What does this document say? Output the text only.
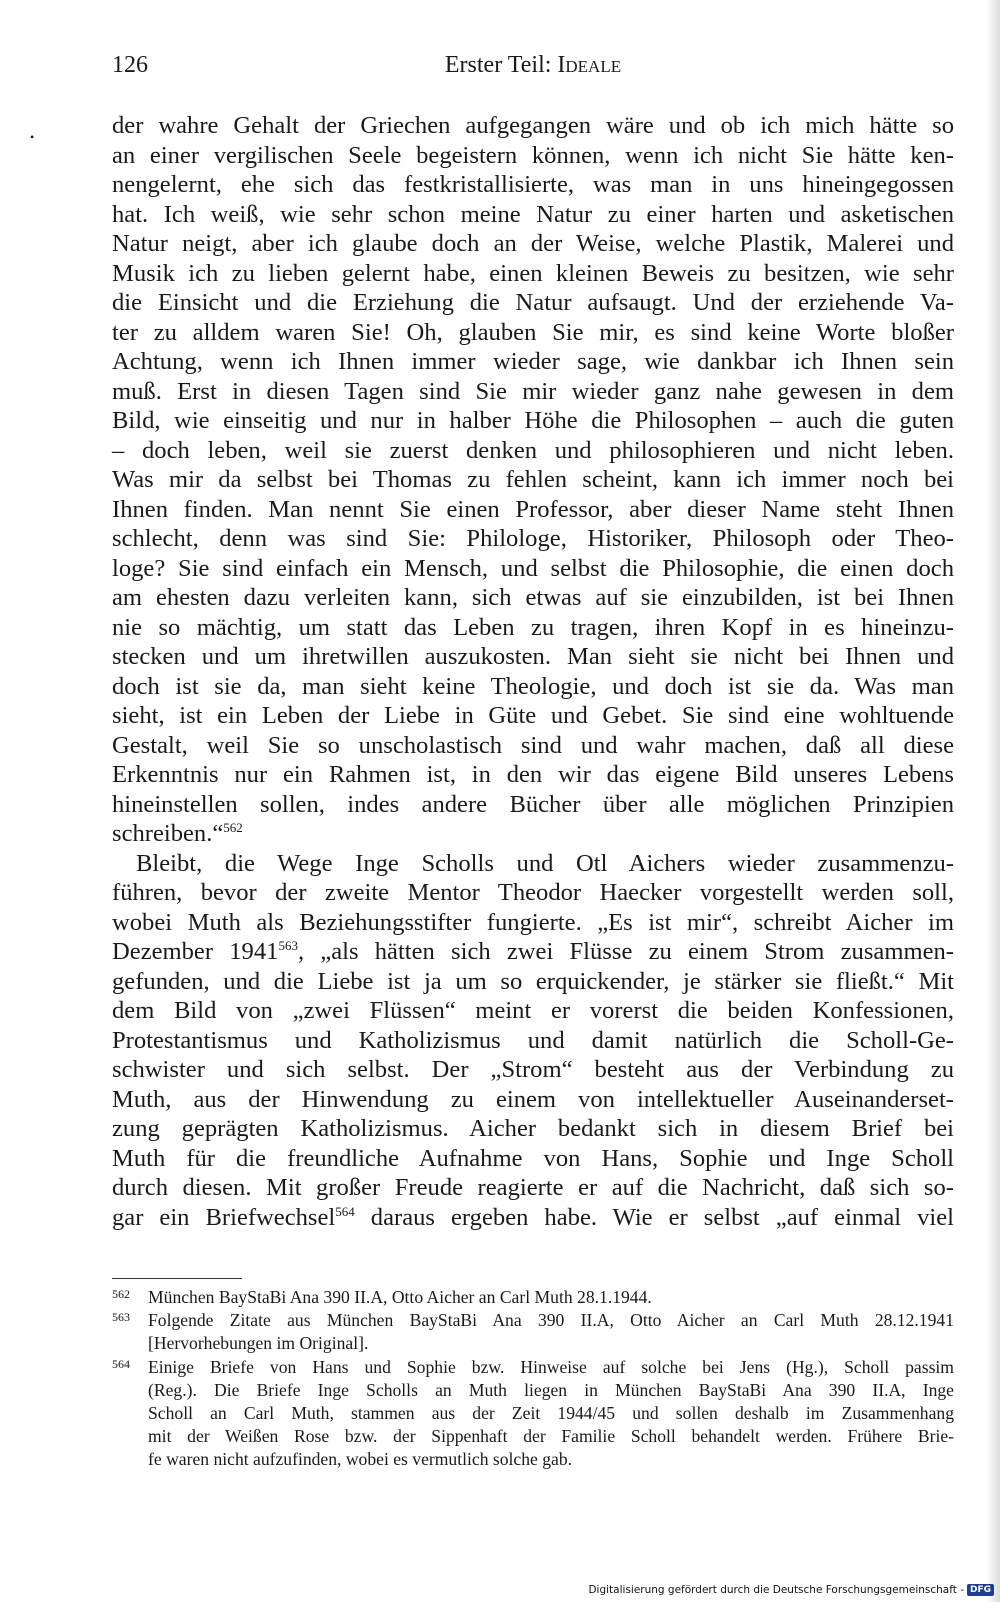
126	Erster Teil: Ideale
•	der wahre Gehalt der Griechen aufgegangen wäre und ob ich mich hätte so
an einer vergilischen Seele begeistern können, wenn ich nicht Sie hätte ken-
nengelernt, ehe sich das festkristallisierte, was man in uns hineingegossen
hat. Ich weiß, wie sehr schon meine Natur zu einer harten und asketischen
Natur neigt, aber ich glaube doch an der Weise, welche Plastik, Malerei und
Musik ich zu lieben gelernt habe, einen kleinen Beweis zu besitzen, wie sehr
die Einsicht und die Erziehung die Natur aufsaugt. Und der erziehende Va-
ter zu alldem waren Sie! Oh, glauben Sie mir, es sind keine Worte bloßer
Achtung, wenn ich Ihnen immer wieder sage, wie dankbar ich Ihnen sein
muß. Erst in diesen Tagen sind Sie mir wieder ganz nahe gewesen in dem
Bild, wie einseitig und nur in halber Höhe die Philosophen – auch die guten
– doch leben, weil sie zuerst denken und philosophieren und nicht leben.
Was mir da selbst bei Thomas zu fehlen scheint, kann ich immer noch bei
Ihnen finden. Man nennt Sie einen Professor, aber dieser Name steht Ihnen
schlecht, denn was sind Sie: Philologe, Historiker, Philosoph oder Theo-
loge? Sie sind einfach ein Mensch, und selbst die Philosophie, die einen doch
am ehesten dazu verleiten kann, sich etwas auf sie einzubilden, ist bei Ihnen
nie so mächtig, um statt das Leben zu tragen, ihren Kopf in es hineinzu-
stecken und um ihretwillen auszukosten. Man sieht sie nicht bei Ihnen und
doch ist sie da, man sieht keine Theologie, und doch ist sie da. Was man
sieht, ist ein Leben der Liebe in Güte und Gebet. Sie sind eine wohltuende
Gestalt, weil Sie so unscholastisch sind und wahr machen, daß all diese
Erkenntnis nur ein Rahmen ist, in den wir das eigene Bild unseres Lebens
hineinstellen sollen, indes andere Bücher über alle möglichen Prinzipien
schreiben.“$^{562}$
Bleibt, die Wege Inge Scholls und Otl Aichers wieder zusammenzu-
führen, bevor der zweite Mentor Theodor Haecker vorgestellt werden soll,
wobei Muth als Beziehungsstifter fungierte. „Es ist mir“, schreibt Aicher im
Dezember 1941$^{563}$, „als hätten sich zwei Flüsse zu einem Strom zusammen-
gefunden, und die Liebe ist ja um so erquickender, je stärker sie fließt.“ Mit
dem Bild von „zwei Flüssen“ meint er vorerst die beiden Konfessionen,
Protestantismus und Katholizismus und damit natürlich die Scholl-Ge-
schwister und sich selbst. Der „Strom“ besteht aus der Verbindung zu
Muth, aus der Hinwendung zu einem von intellektueller Auseinanderset-
zung geprägten Katholizismus. Aicher bedankt sich in diesem Brief bei
Muth für die freundliche Aufnahme von Hans, Sophie und Inge Scholl
durch diesen. Mit großer Freude reagierte er auf die Nachricht, daß sich so-
gar ein Briefwechsel$^{564}$ daraus ergeben habe. Wie er selbst „auf einmal viel
562 München BayStaBi Ana 390 II.A, Otto Aicher an Carl Muth 28.1.1944.
563 Folgende Zitate aus München BayStaBi Ana 390 II.A, Otto Aicher an Carl Muth 28.12.1941
[Hervorhebungen im Original].
564 Einige Briefe von Hans und Sophie bzw. Hinweise auf solche bei Jens (Hg.), Scholl passim
(Reg.). Die Briefe Inge Scholls an Muth liegen in München BayStaBi Ana 390 II.A, Inge
Scholl an Carl Muth, stammen aus der Zeit 1944/45 und sollen deshalb im Zusammenhang
mit der Weißen Rose bzw. der Sippenhaft der Familie Scholl behandelt werden. Frühere Brie-
fe waren nicht aufzufinden, wobei es vermutlich solche gab.
Digitalisierung gefördert durch die Deutsche Forschungsgemeinschaft - DFG
